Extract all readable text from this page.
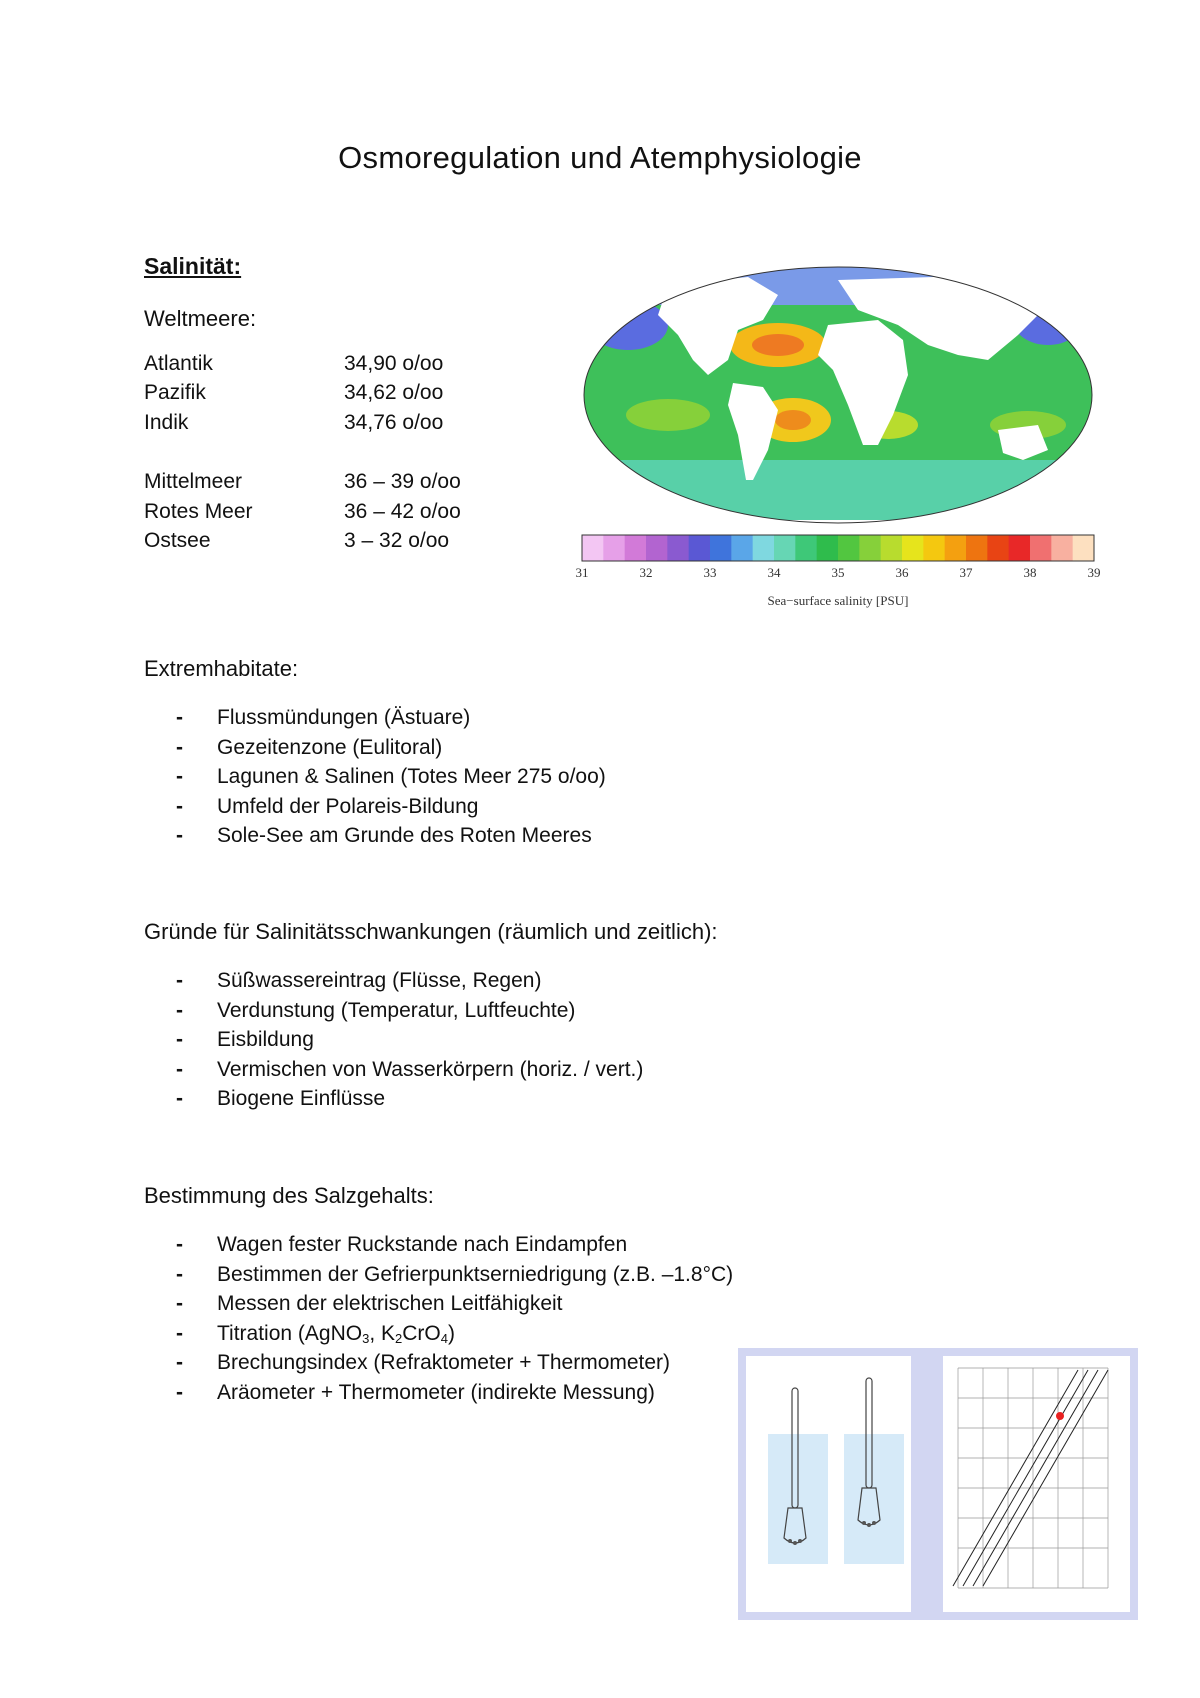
Osmoregulation und Atemphysiologie
Salinität:
Weltmeere:
Atlantik	34,90 o/oo
Pazifik	34,62 o/oo
Indik	34,76 o/oo
Mittelmeer	36 – 39 o/oo
Rotes Meer	36 – 42 o/oo
Ostsee	3 – 32 o/oo
31	32	33	34	35	36	37	38	39
Sea−surface salinity [PSU]
Extremhabitate:
- Flussmündungen (Ästuare)
- Gezeitenzone (Eulitoral)
- Lagunen & Salinen (Totes Meer 275 o/oo)
- Umfeld der Polareis-Bildung
- Sole-See am Grunde des Roten Meeres
Gründe für Salinitätsschwankungen (räumlich und zeitlich):
- Süßwassereintrag (Flüsse, Regen)
- Verdunstung (Temperatur, Luftfeuchte)
- Eisbildung
- Vermischen von Wasserkörpern (horiz. / vert.)
- Biogene Einflüsse
Bestimmung des Salzgehalts:
- Wagen fester Ruckstande nach Eindampfen
- Bestimmen der Gefrierpunktserniedrigung (z.B. –1.8°C)
- Messen der elektrischen Leitfähigkeit
- Titration (AgNO$_3$, $K_2CrO_4$)
- Brechungsindex (Refraktometer + Thermometer)
- Aräometer + Thermometer (indirekte Messung)
